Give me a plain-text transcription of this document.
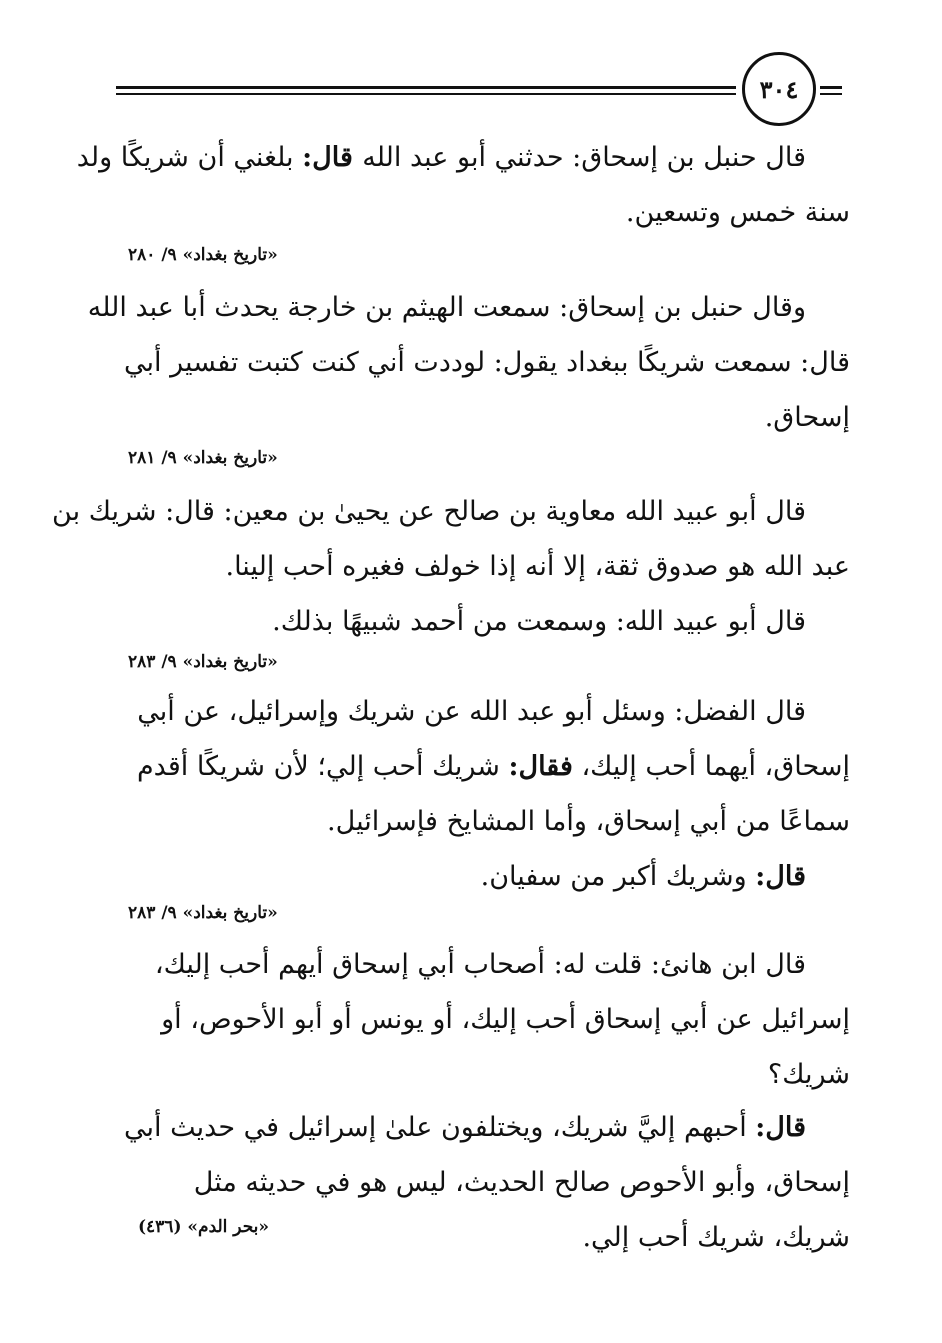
٣٠٤
قال حنبل بن إسحاق: حدثني أبو عبد الله قال: بلغني أن شريكًا ولد
سنة خمس وتسعين.
«تاريخ بغداد» ٩/ ٢٨٠
وقال حنبل بن إسحاق: سمعت الهيثم بن خارجة يحدث أبا عبد الله
قال: سمعت شريكًا ببغداد يقول: لوددت أني كنت كتبت تفسير أبي
إسحاق.
«تاريخ بغداد» ٩/ ٢٨١
قال أبو عبيد الله معاوية بن صالح عن يحيىٰ بن معين: قال: شريك بن
عبد الله هو صدوق ثقة، إلا أنه إذا خولف فغيره أحب إلينا.
قال أبو عبيد الله: وسمعت من أحمد شبيهًا بذلك.
«تاريخ بغداد» ٩/ ٢٨٣
قال الفضل: وسئل أبو عبد الله عن شريك وإسرائيل، عن أبي
إسحاق، أيهما أحب إليك، فقال: شريك أحب إلي؛ لأن شريكًا أقدم
سماعًا من أبي إسحاق، وأما المشايخ فإسرائيل.
قال: وشريك أكبر من سفيان.
«تاريخ بغداد» ٩/ ٢٨٣
قال ابن هانئ: قلت له: أصحاب أبي إسحاق أيهم أحب إليك،
إسرائيل عن أبي إسحاق أحب إليك، أو يونس أو أبو الأحوص، أو
شريك؟
قال: أحبهم إليَّ شريك، ويختلفون علىٰ إسرائيل في حديث أبي
إسحاق، وأبو الأحوص صالح الحديث، ليس هو في حديثه مثل
شريك، شريك أحب إلي.
«بحر الدم» (٤٣٦)
